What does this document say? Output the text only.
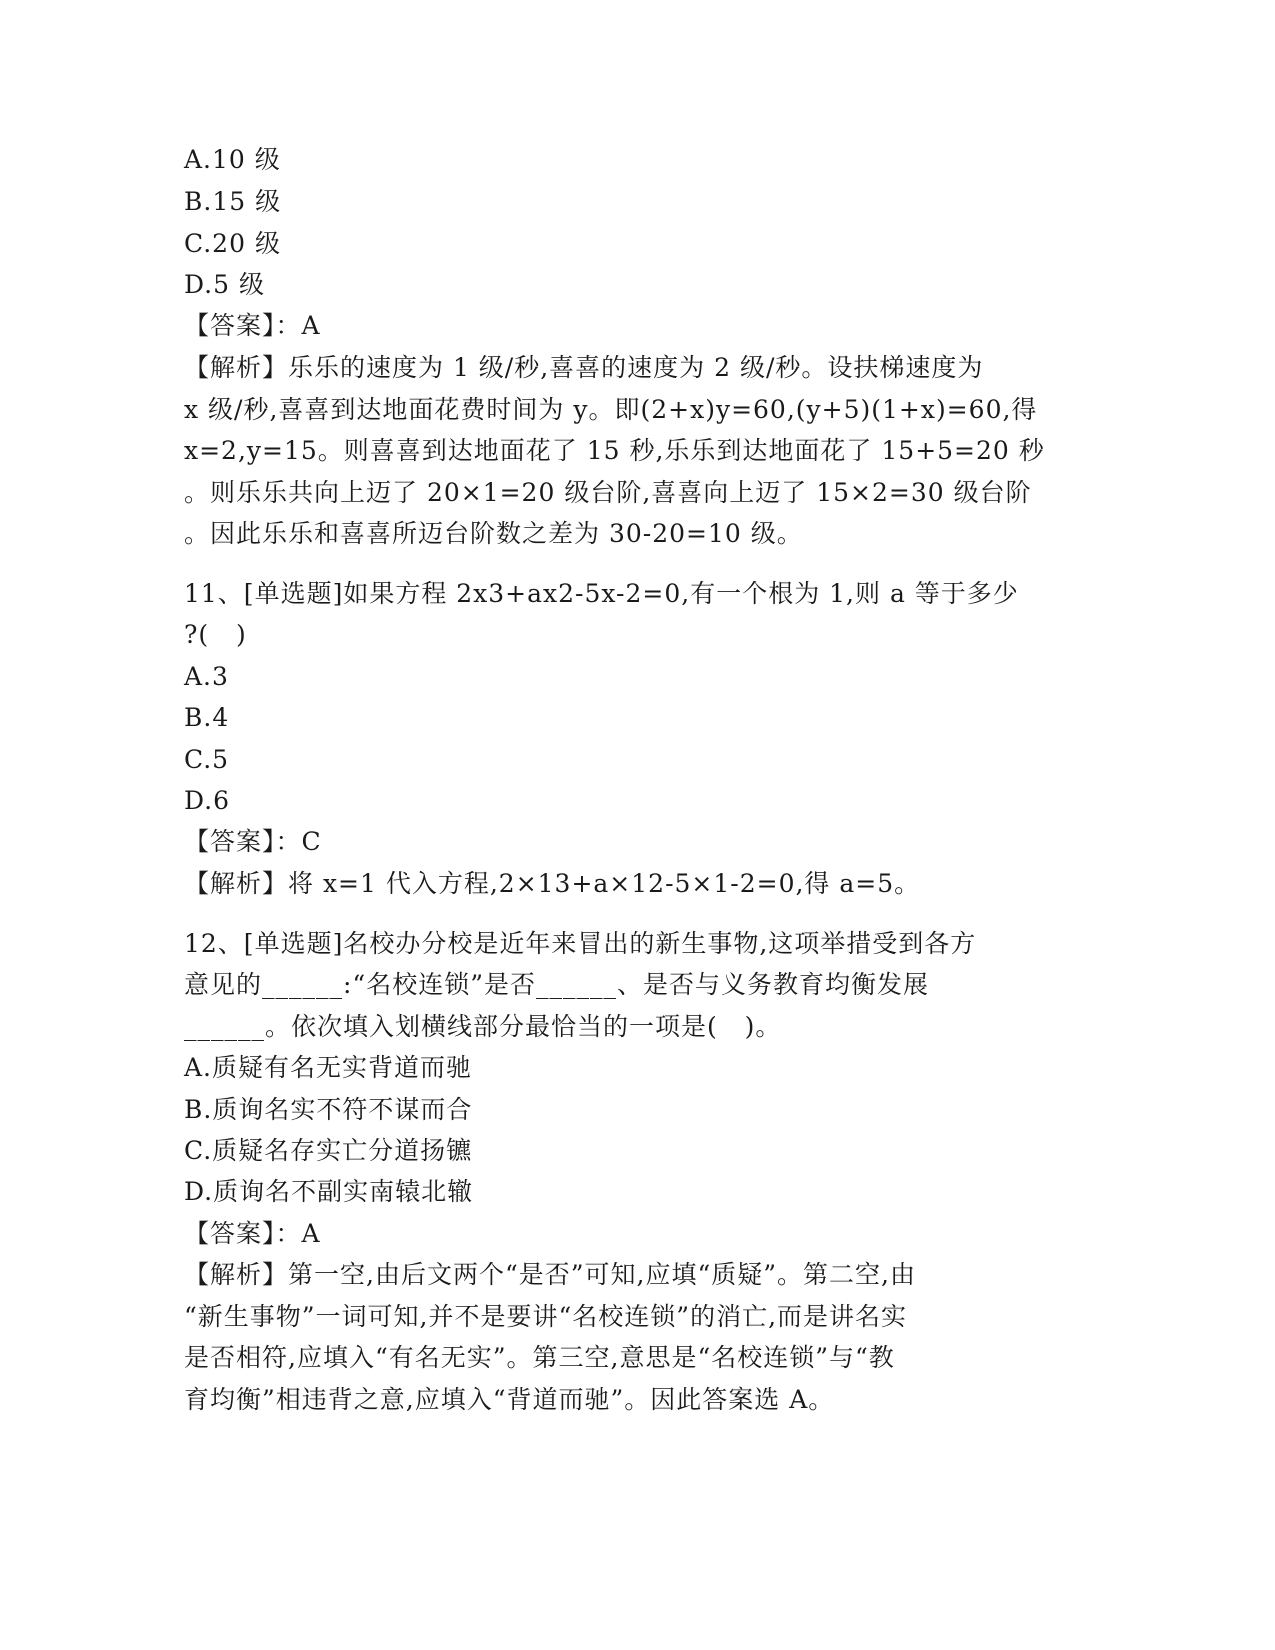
A.10 级
B.15 级
C.20 级
D.5 级
【答案】：A
【解析】乐乐的速度为 1 级/秒,喜喜的速度为 2 级/秒。设扶梯速度为
x 级/秒,喜喜到达地面花费时间为 y。即(2+x)y=60,(y+5)(1+x)=60,得
x=2,y=15。则喜喜到达地面花了 15 秒,乐乐到达地面花了 15+5=20 秒
。则乐乐共向上迈了 20×1=20 级台阶,喜喜向上迈了 15×2=30 级台阶
。因此乐乐和喜喜所迈台阶数之差为 30-20=10 级。
11、[单选题]如果方程 2x3+ax2-5x-2=0,有一个根为 1,则 a 等于多少
?(   )
A.3
B.4
C.5
D.6
【答案】：C
【解析】将 x=1 代入方程,2×13+a×12-5×1-2=0,得 a=5。
12、[单选题]名校办分校是近年来冒出的新生事物,这项举措受到各方
意见的______:“名校连锁”是否______、是否与义务教育均衡发展
______。依次填入划横线部分最恰当的一项是(   )。
A.质疑有名无实背道而驰
B.质询名实不符不谋而合
C.质疑名存实亡分道扬镳
D.质询名不副实南辕北辙
【答案】：A
【解析】第一空,由后文两个“是否”可知,应填“质疑”。第二空,由
“新生事物”一词可知,并不是要讲“名校连锁”的消亡,而是讲名实
是否相符,应填入“有名无实”。第三空,意思是“名校连锁”与“教
育均衡”相违背之意,应填入“背道而驰”。因此答案选 A。
